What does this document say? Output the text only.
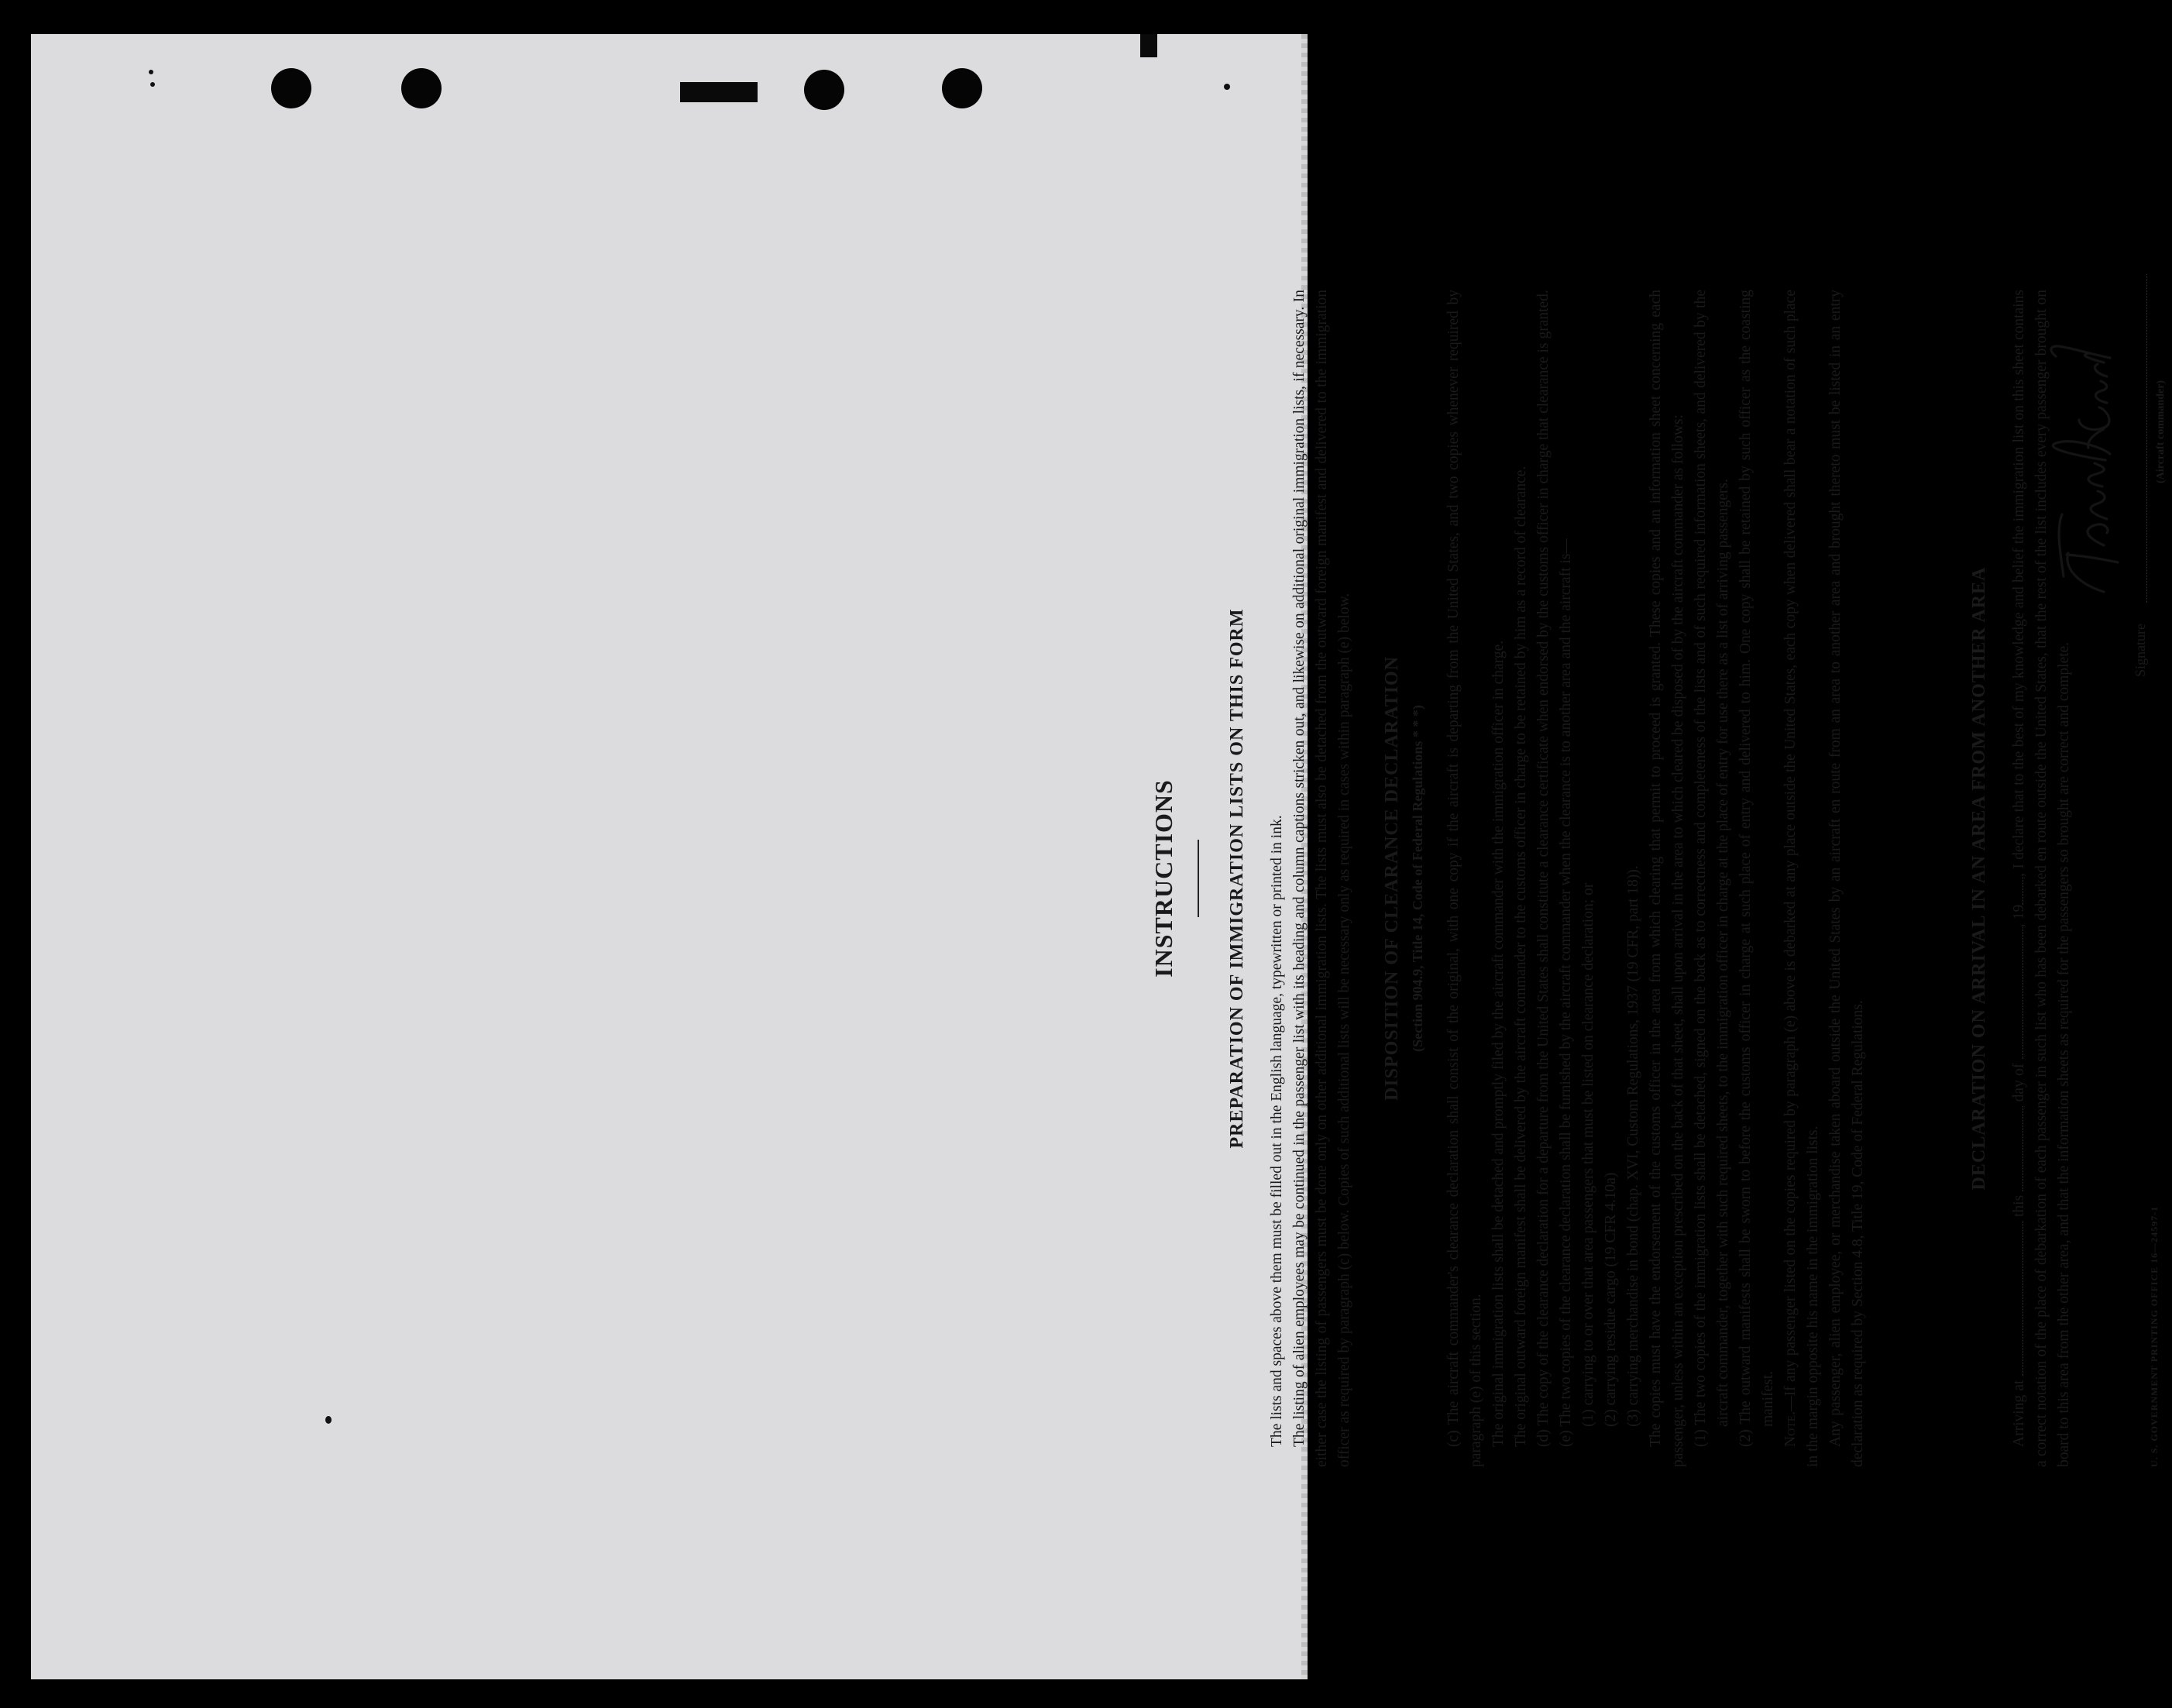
INSTRUCTIONS	PREPARATION OF IMMIGRATION LISTS ON THIS FORM The lists and spaces above them must be filled out in the English language, typewritten or printed in ink. The listing of alien employees may be continued in the passenger list with its heading and column captions stricken out, and likewise on additional original immigration lists, if necessary. In either case the listing of passengers must be done only on other additional immigration lists. The lists must also be detached from the outward foreign manifest and delivered to the immigration officer as required by paragraph (c) below. Copies of such additional lists will be necessary only as required in cases within paragraph (e) below. DISPOSITION OF CLEARANCE DECLARATION (Section 904.9, Title 14, Code of Federal Regulations * * *) (c) The aircraft commander's clearance declaration shall consist of the original, with one copy if the aircraft is departing from the United States, and two copies whenever required by paragraph (e) of this section. The original immigration lists shall be detached and promptly filed by the aircraft commander with the immigration officer in charge. The original outward foreign manifest shall be delivered by the aircraft commander to the customs officer in charge to be retained by him as a record of clearance. (d) The copy of the clearance declaration for a departure from the United States shall constitute a clearance certificate when endorsed by the customs officer in charge that clearance is granted. (e) The two copies of the clearance declaration shall be furnished by the aircraft commander when the clearance is to another area and the aircraft is— (1) carrying to or over that area passengers that must be listed on clearance declaration; or (2) carrying residue cargo (19 CFR 4.10a) (3) carrying merchandise in bond (chap. XVI, Custom Regulations, 1937 (19 CFR, part 18)). The copies must have the endorsement of the customs officer in the area from which clearing that permit to proceed is granted. These copies and an information sheet concerning each passenger, unless within an exception prescribed on the back of that sheet, shall upon arrival in the area to which cleared be disposed of by the aircraft commander as follows: (1) The two copies of the immigration lists shall be detached, signed on the back as to correctness and completeness of the lists and of such required information sheets, and delivered by the aircraft commander, together with such required sheets, to the immigration officer in charge at the place of entry for use there as a list of arriving passengers. (2) The outward manifests shall be sworn to before the customs officer in charge at such place of entry and delivered to him. One copy shall be retained by such officer as the coasting manifest.

Note.—If any passenger listed on the copies required by paragraph (e) above is debarked at any place outside the United States, each copy when delivered shall bear a notation of such place in the margin opposite his name in the immigration lists. Any passenger, alien employee, or merchandise taken aboard outside the United States by an aircraft en route from an area to another area and brought thereto must be listed in an entry declaration as required by Section 4.8, Title 19, Code of Federal Regulations.

DECLARATION ON ARRIVAL IN AN AREA FROM ANOTHER AREA

Arriving at  this  day of , 19, I declare that to the best of my knowledge and belief the immigration list on this sheet contains a correct notation of the place of debarkation of each passenger in such list who has been debarked en route outside the United States, that the rest of the list includes every passenger brought on board to this area from the other area, and that the information sheets as required for the passengers so brought are correct and complete.	Signature
(Aircraft commander)
U. S. GOVERNMENT PRINTING OFFICE 16—24597-1
